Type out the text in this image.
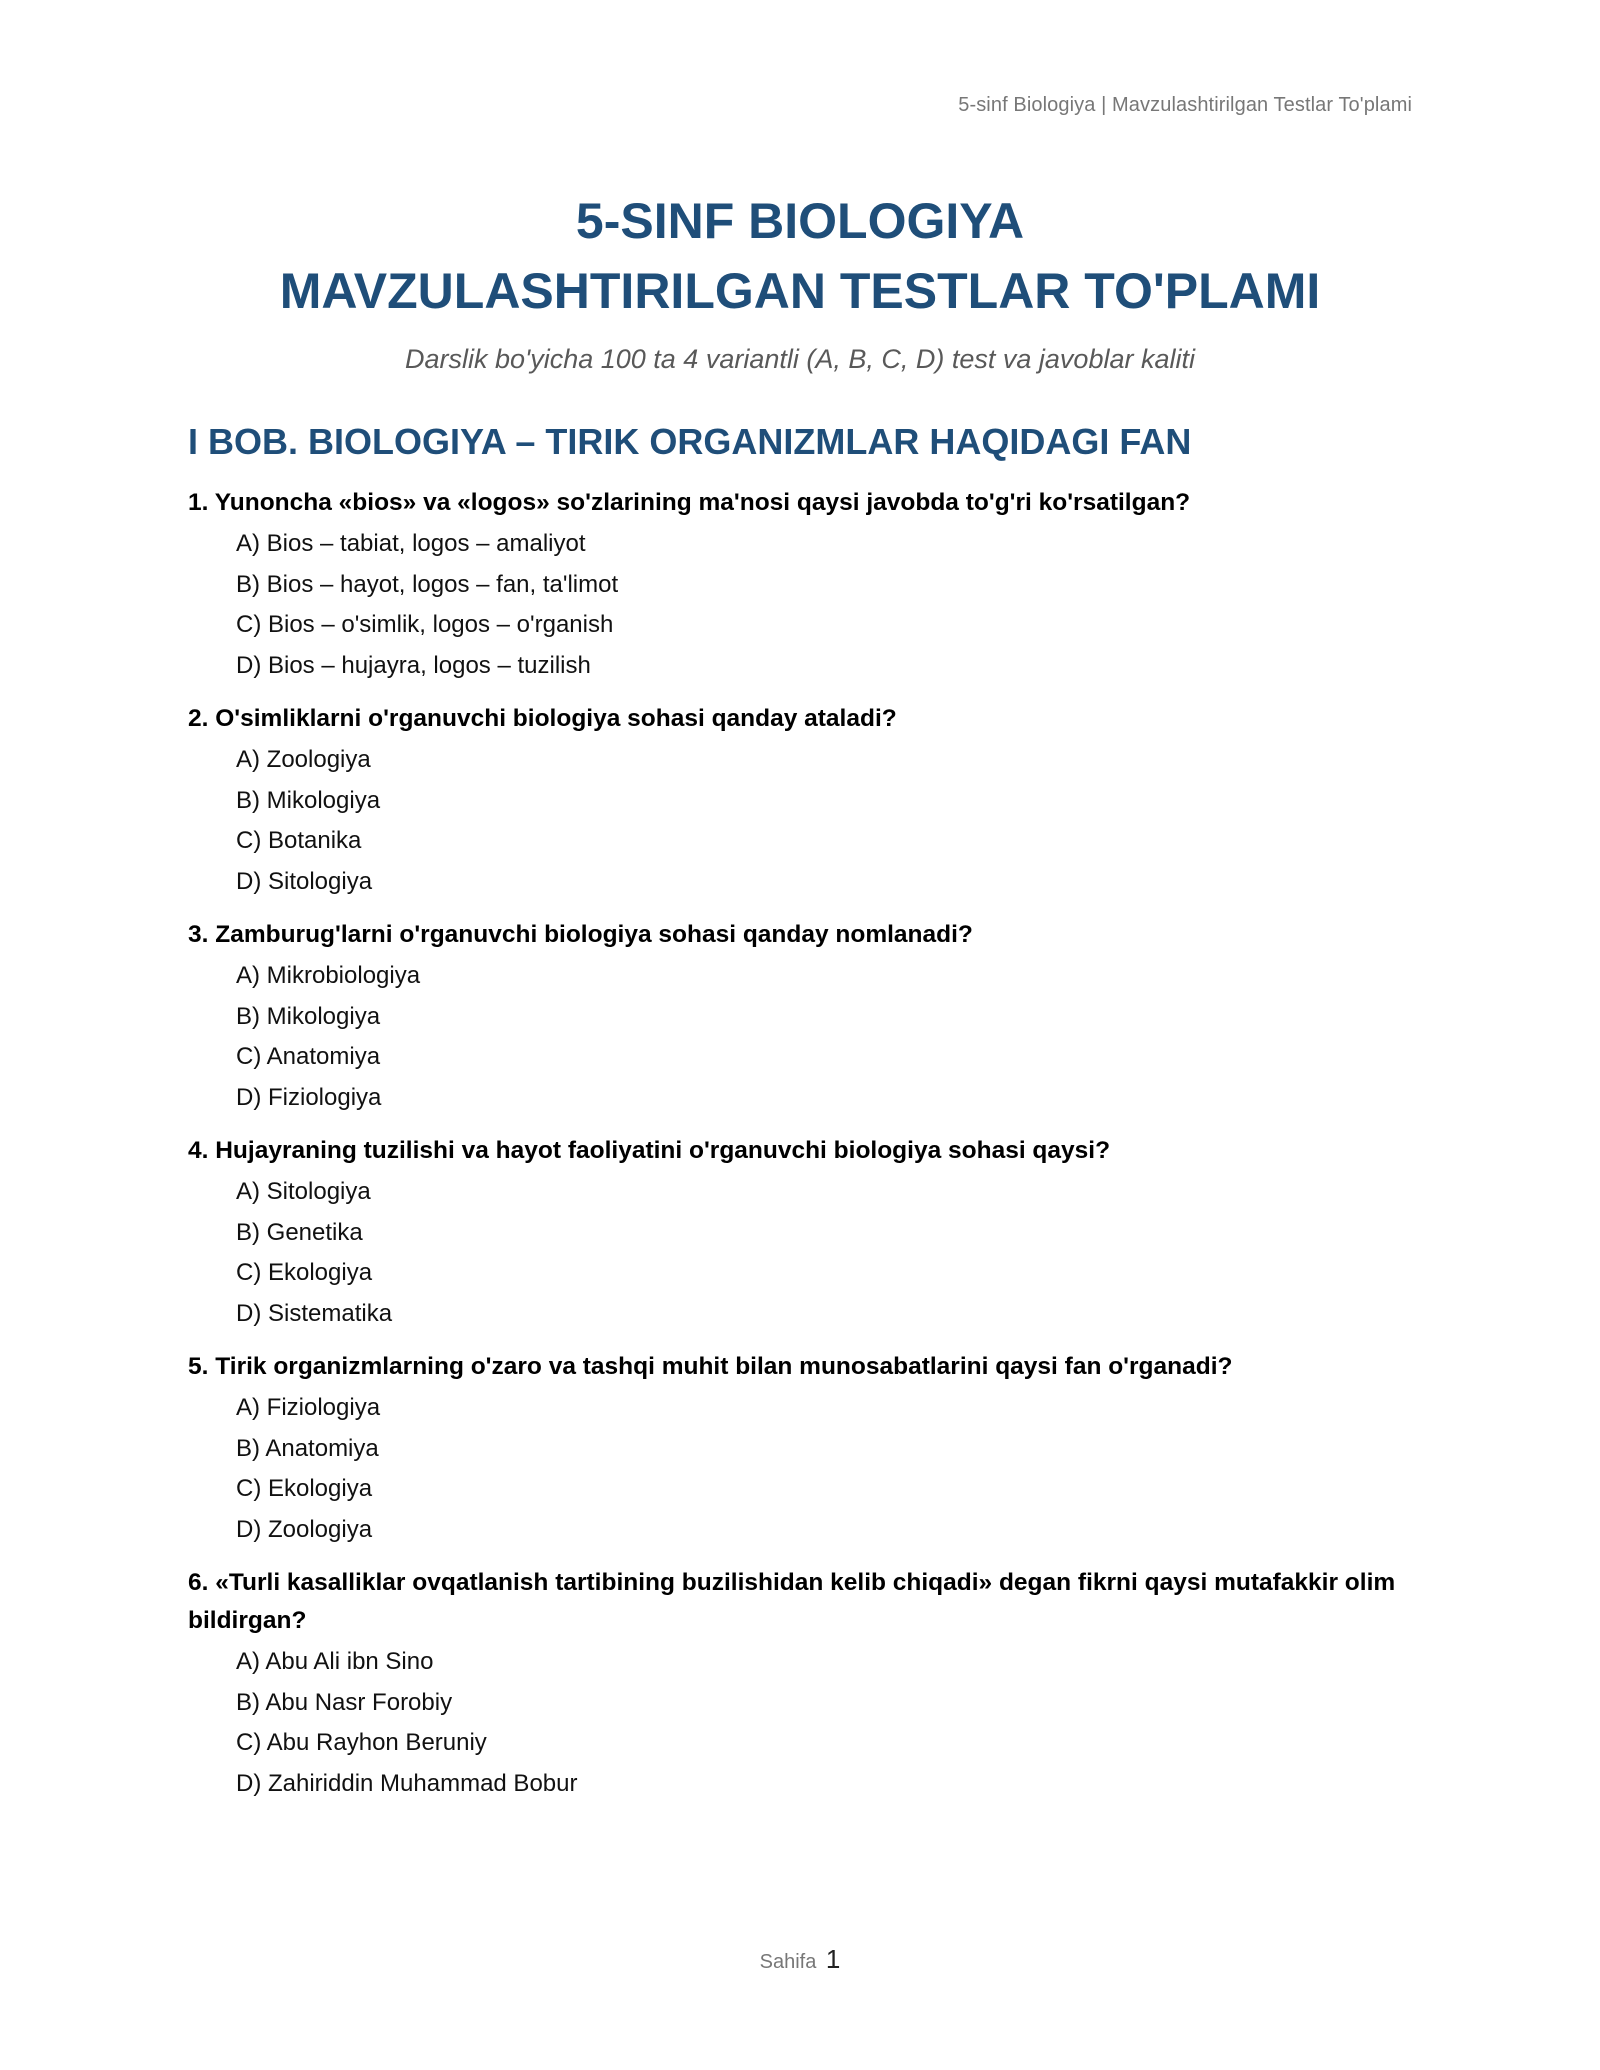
5-sinf Biologiya | Mavzulashtirilgan Testlar To'plami
5-SINF BIOLOGIYA
MAVZULASHTIRILGAN TESTLAR TO'PLAMI
Darslik bo'yicha 100 ta 4 variantli (A, B, C, D) test va javoblar kaliti
I BOB. BIOLOGIYA – TIRIK ORGANIZMLAR HAQIDAGI FAN

1. Yunoncha «bios» va «logos» so'zlarining ma'nosi qaysi javobda to'g'ri ko'rsatilgan?

A) Bios – tabiat, logos – amaliyot
B) Bios – hayot, logos – fan, ta'limot
C) Bios – o'simlik, logos – o'rganish
D) Bios – hujayra, logos – tuzilish

2. O'simliklarni o'rganuvchi biologiya sohasi qanday ataladi?

A) Zoologiya
B) Mikologiya
C) Botanika
D) Sitologiya

3. Zamburug'larni o'rganuvchi biologiya sohasi qanday nomlanadi?

A) Mikrobiologiya
B) Mikologiya
C) Anatomiya
D) Fiziologiya

4. Hujayraning tuzilishi va hayot faoliyatini o'rganuvchi biologiya sohasi qaysi?

A) Sitologiya
B) Genetika
C) Ekologiya
D) Sistematika

5. Tirik organizmlarning o'zaro va tashqi muhit bilan munosabatlarini qaysi fan o'rganadi?

A) Fiziologiya
B) Anatomiya
C) Ekologiya
D) Zoologiya

6. «Turli kasalliklar ovqatlanish tartibining buzilishidan kelib chiqadi» degan fikrni qaysi mutafakkir olim bildirgan?

A) Abu Ali ibn Sino
B) Abu Nasr Forobiy
C) Abu Rayhon Beruniy
D) Zahiriddin Muhammad Bobur
Sahifa 1
